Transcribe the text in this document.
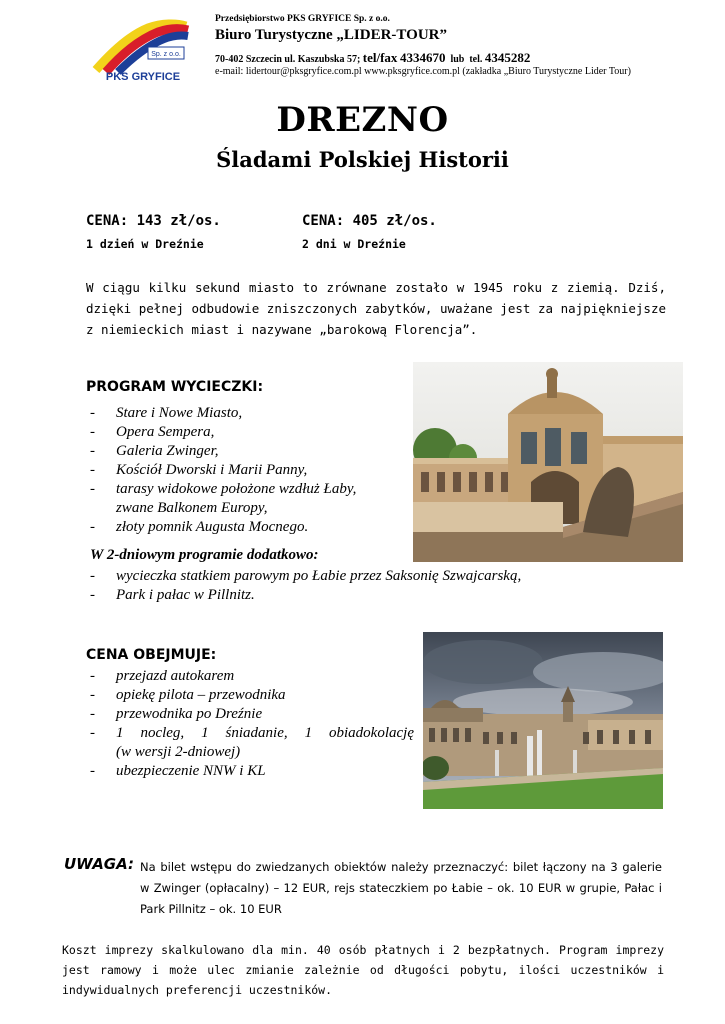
Sp. z o.o.
PKS GRYFICE
Przedsiębiorstwo PKS GRYFICE Sp. z o.o.
Biuro Turystyczne „LIDER-TOUR”
70-402 Szczecin ul. Kaszubska 57; tel/fax 4334670 lub tel. 4345282
e-mail: lidertour@pksgryfice.com.pl www.pksgryfice.com.pl (zakładka „Biuro Turystyczne Lider Tour)
DREZNO
Śladami Polskiej Historii
CENA: 143 zł/os.
1 dzień w Dreźnie
CENA: 405 zł/os.
2 dni w Dreźnie
W ciągu kilku sekund miasto to zrównane zostało w 1945 roku z ziemią. Dziś, dzięki pełnej odbudowie zniszczonych zabytków, uważane jest za najpiękniejsze z niemieckich miast i nazywane „barokową Florencja”.
PROGRAM WYCIECZKI:
- Stare i Nowe Miasto,
- Opera Sempera,
- Galeria Zwinger,
- Kościół Dworski i Marii Panny,
- tarasy widokowe położone wzdłuż Łaby,
zwane Balkonem Europy,
- złoty pomnik Augusta Mocnego.
W 2-dniowym programie dodatkowo:
- wycieczka statkiem parowym po Łabie przez Saksonię Szwajcarską,
- Park i pałac w Pillnitz.
CENA OBEJMUJE:
- przejazd autokarem
- opiekę pilota – przewodnika
- przewodnika po Dreźnie
- 1 nocleg, 1 śniadanie, 1 obiadokolację
(w wersji 2-dniowej)
- ubezpieczenie NNW i KL
UWAGA: Na bilet wstępu do zwiedzanych obiektów należy przeznaczyć: bilet łączony na 3 galerie w Zwinger (opłacalny) – 12 EUR, rejs stateczkiem po Łabie – ok. 10 EUR w grupie, Pałac i Park Pillnitz – ok. 10 EUR
Koszt imprezy skalkulowano dla min. 40 osób płatnych i 2 bezpłatnych. Program imprezy jest ramowy i może ulec zmianie zależnie od długości pobytu, ilości uczestników i indywidualnych preferencji uczestników.
